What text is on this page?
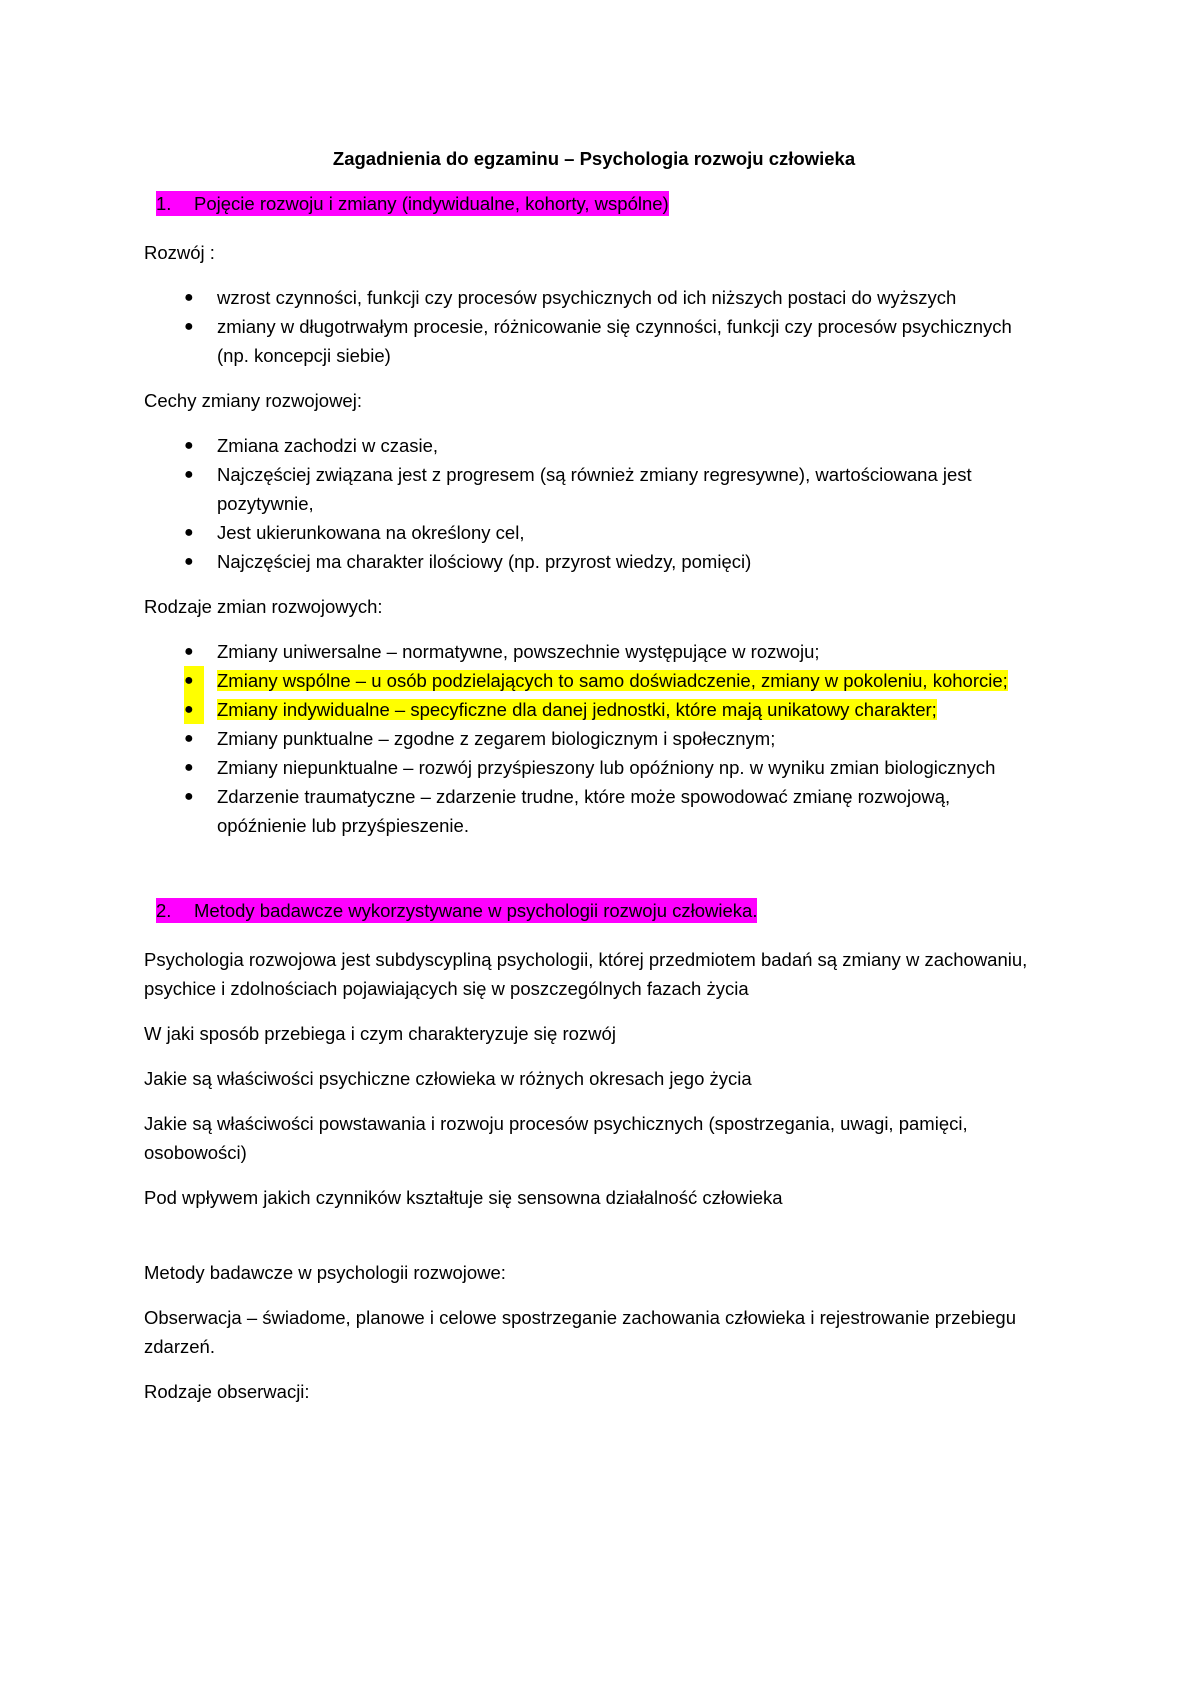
Zagadnienia do egzaminu – Psychologia rozwoju człowieka
1. Pojęcie rozwoju i zmiany (indywidualne, kohorty, wspólne)

Rozwój :

●	wzrost czynności, funkcji czy procesów psychicznych od ich niższych postaci do wyższych
●	zmiany w długotrwałym procesie, różnicowanie się czynności, funkcji czy procesów psychicznych (np. koncepcji siebie)

Cechy zmiany rozwojowej:

●	Zmiana zachodzi w czasie,
●	Najczęściej związana jest z progresem (są również zmiany regresywne), wartościowana jest pozytywnie,
●	Jest ukierunkowana na określony cel,
●	Najczęściej ma charakter ilościowy (np. przyrost wiedzy, pomięci)

Rodzaje zmian rozwojowych:

●	Zmiany uniwersalne – normatywne, powszechnie występujące w rozwoju;
●	Zmiany wspólne – u osób podzielających to samo doświadczenie, zmiany w pokoleniu, kohorcie;
●	Zmiany indywidualne – specyficzne dla danej jednostki, które mają unikatowy charakter;
●	Zmiany punktualne – zgodne z zegarem biologicznym i społecznym;
●	Zmiany niepunktualne – rozwój przyśpieszony lub opóźniony np. w wyniku zmian biologicznych
●	Zdarzenie traumatyczne – zdarzenie trudne, które może spowodować zmianę rozwojową, opóźnienie lub przyśpieszenie.
2. Metody badawcze wykorzystywane w psychologii rozwoju człowieka.

Psychologia rozwojowa jest subdyscypliną psychologii, której przedmiotem badań są zmiany w zachowaniu, psychice i zdolnościach pojawiających się w poszczególnych fazach życia

W jaki sposób przebiega i czym charakteryzuje się rozwój

Jakie są właściwości psychiczne człowieka w różnych okresach jego życia

Jakie są właściwości powstawania i rozwoju procesów psychicznych (spostrzegania, uwagi, pamięci, osobowości)

Pod wpływem jakich czynników kształtuje się sensowna działalność człowieka

Metody badawcze w psychologii rozwojowe:

Obserwacja – świadome, planowe i celowe spostrzeganie zachowania człowieka i rejestrowanie przebiegu zdarzeń.

Rodzaje obserwacji:
